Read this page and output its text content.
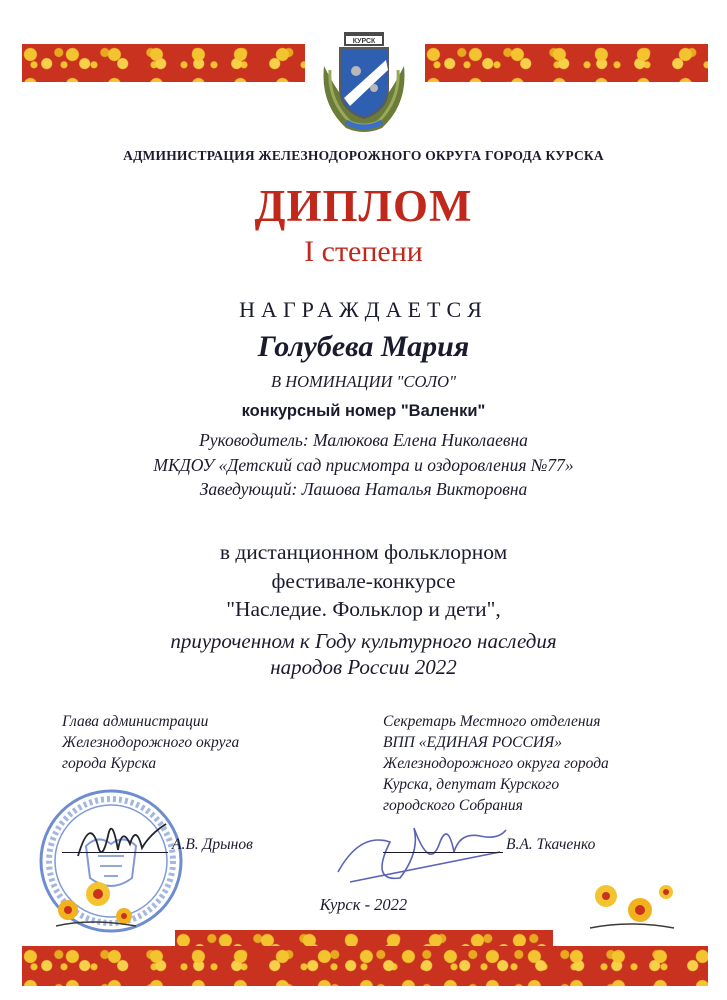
КУРСК

АДМИНИСТРАЦИЯ ЖЕЛЕЗНОДОРОЖНОГО ОКРУГА ГОРОДА КУРСКА

ДИПЛОМ

I степени

НАГРАЖДАЕТСЯ

Голубева Мария

В НОМИНАЦИИ "СОЛО"

конкурсный номер "Валенки"

Руководитель: Малюкова Елена Николаевна

МКДОУ «Детский сад присмотра и оздоровления №77»

Заведующий: Лашова Наталья Викторовна

в дистанционном фольклорном

фестивале-конкурсе

"Наследие. Фольклор и дети",

приуроченном к Году культурного наследия

народов России 2022

Глава администрации

Железнодорожного округа

города Курска

А.В. Дрынов

Секретарь Местного отделения

ВПП «ЕДИНАЯ РОССИЯ»

Железнодорожного округа города

Курска, депутат Курского

городского Собрания

В.А. Ткаченко

Курск - 2022
